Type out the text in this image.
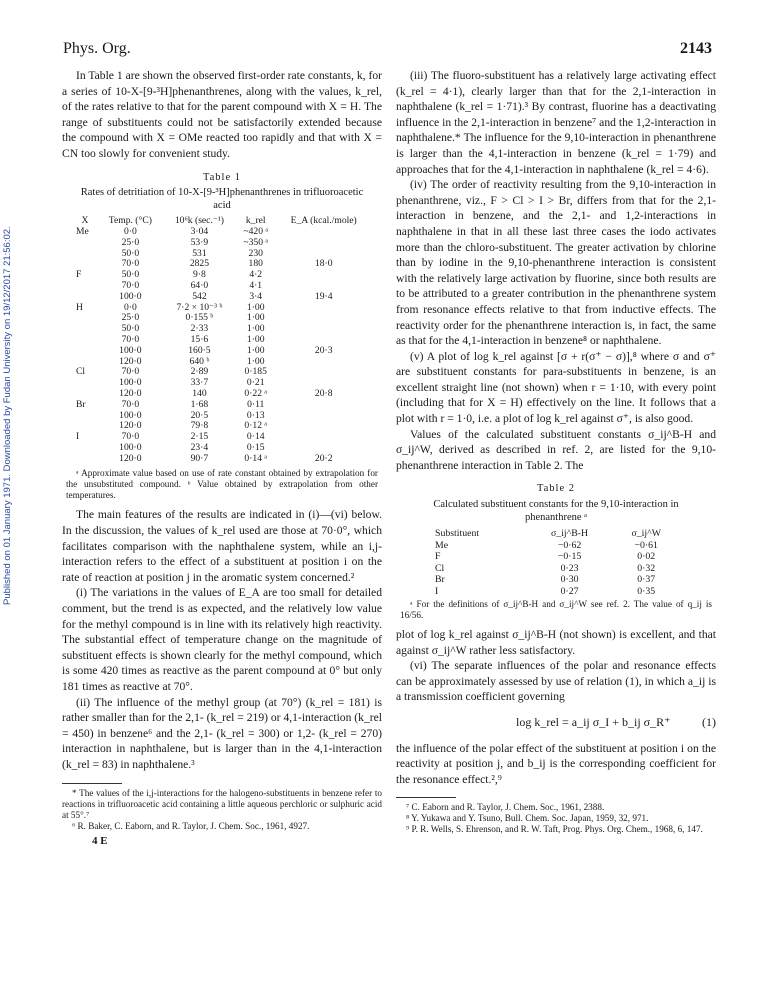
Phys. Org.	2143
Published on 01 January 1971. Downloaded by Fudan University on 19/12/2017 21:56:02.

In Table 1 are shown the observed first-order rate constants, k, for a series of 10-X-[9-³H]phenanthrenes, along with the values, k_rel, of the rates relative to that for the parent compound with X = H. The range of substituents could not be satisfactorily extended because the compound with X = OMe reacted too rapidly and that with X = CN too slowly for convenient study.

Table 1
Rates of detritiation of 10-X-[9-³H]phenanthrenes in trifluoroacetic acid
X	Temp. (°C)	10⁶k (sec.⁻¹)	k_rel	E_A (kcal./mole)
Me	0·0	3·04	~420 ᵃ	
	25·0	53·9	~350 ᵃ	
	50·0	531	230	
	70·0	2825	180	18·0
F	50·0	9·8	4·2	
	70·0	64·0	4·1	
	100·0	542	3·4	19·4
H	0·0	7·2 × 10⁻³ ᵇ	1·00	
	25·0	0·155 ᵇ	1·00	
	50·0	2·33	1·00	
	70·0	15·6	1·00	
	100·0	160·5	1·00	20·3
	120·0	640 ᵇ	1·00	
Cl	70·0	2·89	0·185	
	100·0	33·7	0·21	
	120·0	140	0·22 ᵃ	20·8
Br	70·0	1·68	0·11	
	100·0	20·5	0·13	
	120·0	79·8	0·12 ᵃ	
I	70·0	2·15	0·14	
	100·0	23·4	0·15	
	120·0	90·7	0·14 ᵃ	20·2
ᵃ Approximate value based on use of rate constant obtained by extrapolation for the unsubstituted compound. ᵇ Value obtained by extrapolation from other temperatures.

The main features of the results are indicated in (i)—(vi) below. In the discussion, the values of k_rel used are those at 70·0°, which facilitates comparison with the naphthalene system, while an i,j-interaction refers to the effect of a substituent at position i on the rate of reaction at position j in the aromatic system concerned.²

(i) The variations in the values of E_A are too small for detailed comment, but the trend is as expected, and the relatively low value for the methyl compound is in line with its relatively high reactivity. The substantial effect of temperature change on the magnitude of substituent effects is shown clearly for the methyl compound, which is some 420 times as reactive as the parent compound at 0° but only 181 times as reactive at 70°.

(ii) The influence of the methyl group (at 70°) (k_rel = 181) is rather smaller than for the 2,1- (k_rel = 219) or 4,1-interaction (k_rel = 450) in benzene⁶ and the 2,1- (k_rel = 300) or 1,2- (k_rel = 270) interaction in naphthalene, but is larger than in the 4,1-interaction (k_rel = 83) in naphthalene.³

* The values of the i,j-interactions for the halogeno-substituents in benzene refer to reactions in trifluoroacetic acid containing a little aqueous perchloric or sulphuric acid at 55°.⁷

⁶ R. Baker, C. Eaborn, and R. Taylor, J. Chem. Soc., 1961, 4927.

4 E

(iii) The fluoro-substituent has a relatively large activating effect (k_rel = 4·1), clearly larger than that for the 2,1-interaction in naphthalene (k_rel = 1·71).³ By contrast, fluorine has a deactivating influence in the 2,1-interaction in benzene⁷ and the 1,2-interaction in naphthalene.* The influence for the 9,10-interaction in phenanthrene is larger than the 4,1-interaction in benzene (k_rel = 1·79) and approaches that for the 4,1-interaction in naphthalene (k_rel = 4·6).

(iv) The order of reactivity resulting from the 9,10-interaction in phenanthrene, viz., F > Cl > I > Br, differs from that for the 2,1-interaction in benzene, and the 2,1- and 1,2-interactions in naphthalene in that in all these last three cases the iodo activates more than the chloro-substituent. The greater activation by chlorine than by iodine in the 9,10-phenanthrene interaction is consistent with the relatively large activation by fluorine, since both results are to be attributed to a greater contribution in the phenanthrene system from resonance effects relative to that from inductive effects. The reactivity order for the phenanthrene interaction is, in fact, the same as that for the 4,1-interaction in benzene⁸ or naphthalene.

(v) A plot of log k_rel against [σ + r(σ⁺ − σ)],⁸ where σ and σ⁺ are substituent constants for para-substituents in benzene, is an excellent straight line (not shown) when r = 1·10, with every point (including that for X = H) effectively on the line. It follows that a plot with r = 1·0, i.e. a plot of log k_rel against σ⁺, is also good.

Values of the calculated substituent constants σ_ij^B-H and σ_ij^W, derived as described in ref. 2, are listed for the 9,10-phenanthrene interaction in Table 2. The

Table 2
Calculated substituent constants for the 9,10-interaction in phenanthrene ᵃ
Substituent	σ_ij^B-H	σ_ij^W
Me	−0·62	−0·61
F	−0·15	0·02
Cl	0·23	0·32
Br	0·30	0·37
I	0·27	0·35
ᵃ For the definitions of σ_ij^B-H and σ_ij^W see ref. 2. The value of q_ij is 16/56.

plot of log k_rel against σ_ij^B-H (not shown) is excellent, and that against σ_ij^W rather less satisfactory.

(vi) The separate influences of the polar and resonance effects can be approximately assessed by use of relation (1), in which a_ij is a transmission coefficient governing

log k_rel = a_ij σ_I + b_ij σ_R⁺	(1)

the influence of the polar effect of the substituent at position i on the reactivity at position j, and b_ij is the corresponding coefficient for the resonance effect.²,⁹

⁷ C. Eaborn and R. Taylor, J. Chem. Soc., 1961, 2388.

⁸ Y. Yukawa and Y. Tsuno, Bull. Chem. Soc. Japan, 1959, 32, 971.

⁹ P. R. Wells, S. Ehrenson, and R. W. Taft, Prog. Phys. Org. Chem., 1968, 6, 147.
